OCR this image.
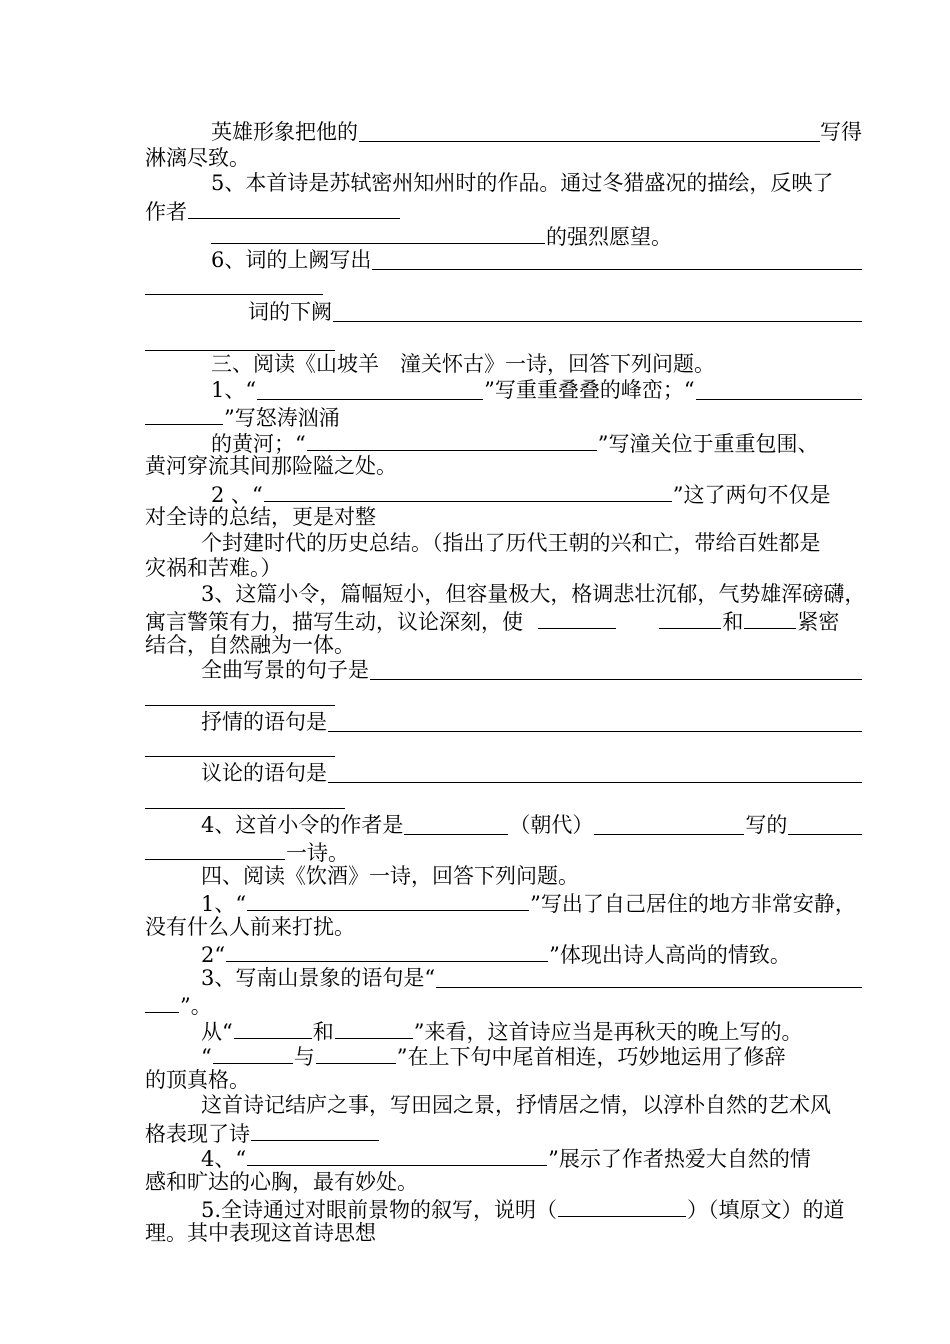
英雄形象把他的	写得
淋漓尽致。
5、本首诗是苏轼密州知州时的作品。通过冬猎盛况的描绘，反映了
作者
的强烈愿望。
6、词的上阙写出
词的下阙
三、阅读《山坡羊　潼关怀古》一诗，回答下列问题。
1、“	”写重重叠叠的峰峦；“
”写怒涛汹涌
的黄河；“	”写潼关位于重重包围、
黄河穿流其间那险隘之处。
2 、“	”这了两句不仅是
对全诗的总结，更是对整
个封建时代的历史总结。（指出了历代王朝的兴和亡，带给百姓都是
灾祸和苦难。）
3、这篇小令，篇幅短小，但容量极大，格调悲壮沉郁，气势雄浑磅礴，
寓言警策有力，描写生动，议论深刻，使	和	紧密
结合，自然融为一体。
全曲写景的句子是
抒情的语句是
议论的语句是
4、这首小令的作者是	（朝代）	写的
一诗。
四、阅读《饮酒》一诗，回答下列问题。
1、“	”写出了自己居住的地方非常安静，
没有什么人前来打扰。
2“	”体现出诗人高尚的情致。
3、写南山景象的语句是“
”。
从“	和	”来看，这首诗应当是再秋天的晚上写的。
“	与	”在上下句中尾首相连，巧妙地运用了修辞
的顶真格。
这首诗记结庐之事，写田园之景，抒情居之情，以淳朴自然的艺术风
格表现了诗
4、“	”展示了作者热爱大自然的情
感和旷达的心胸，最有妙处。
5.全诗通过对眼前景物的叙写，说明（	）（填原文）的道
理。其中表现这首诗思想
